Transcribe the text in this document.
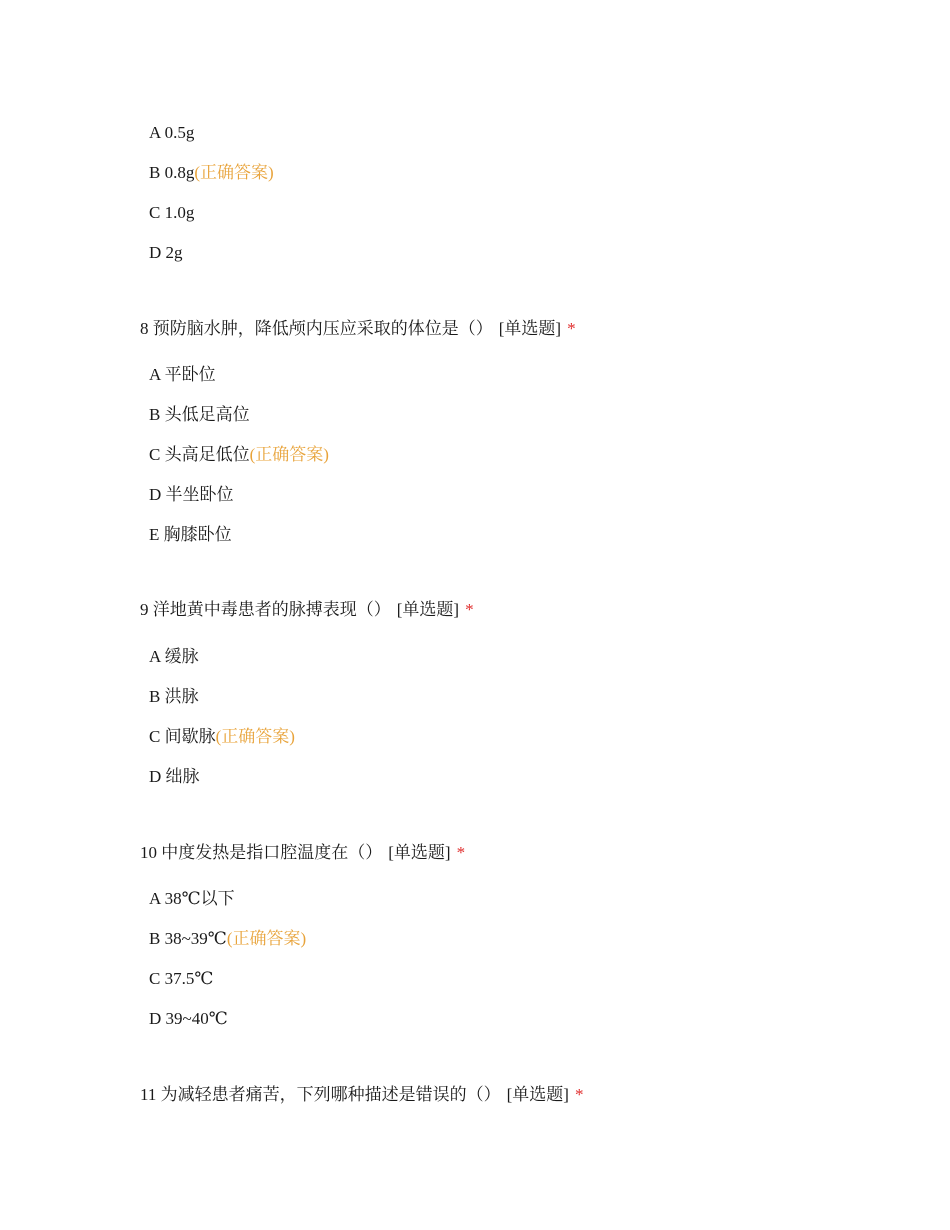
A 0.5g
B 0.8g(正确答案)
C 1.0g
D 2g
8 预防脑水肿，降低颅内压应采取的体位是（） [单选题] *
A 平卧位
B 头低足高位
C 头高足低位(正确答案)
D 半坐卧位
E 胸膝卧位
9 洋地黄中毒患者的脉搏表现（） [单选题] *
A 缓脉
B 洪脉
C 间歇脉(正确答案)
D 绌脉
10 中度发热是指口腔温度在（） [单选题] *
A 38℃以下
B 38~39℃(正确答案)
C 37.5℃
D 39~40℃
11 为减轻患者痛苦，下列哪种描述是错误的（） [单选题] *
